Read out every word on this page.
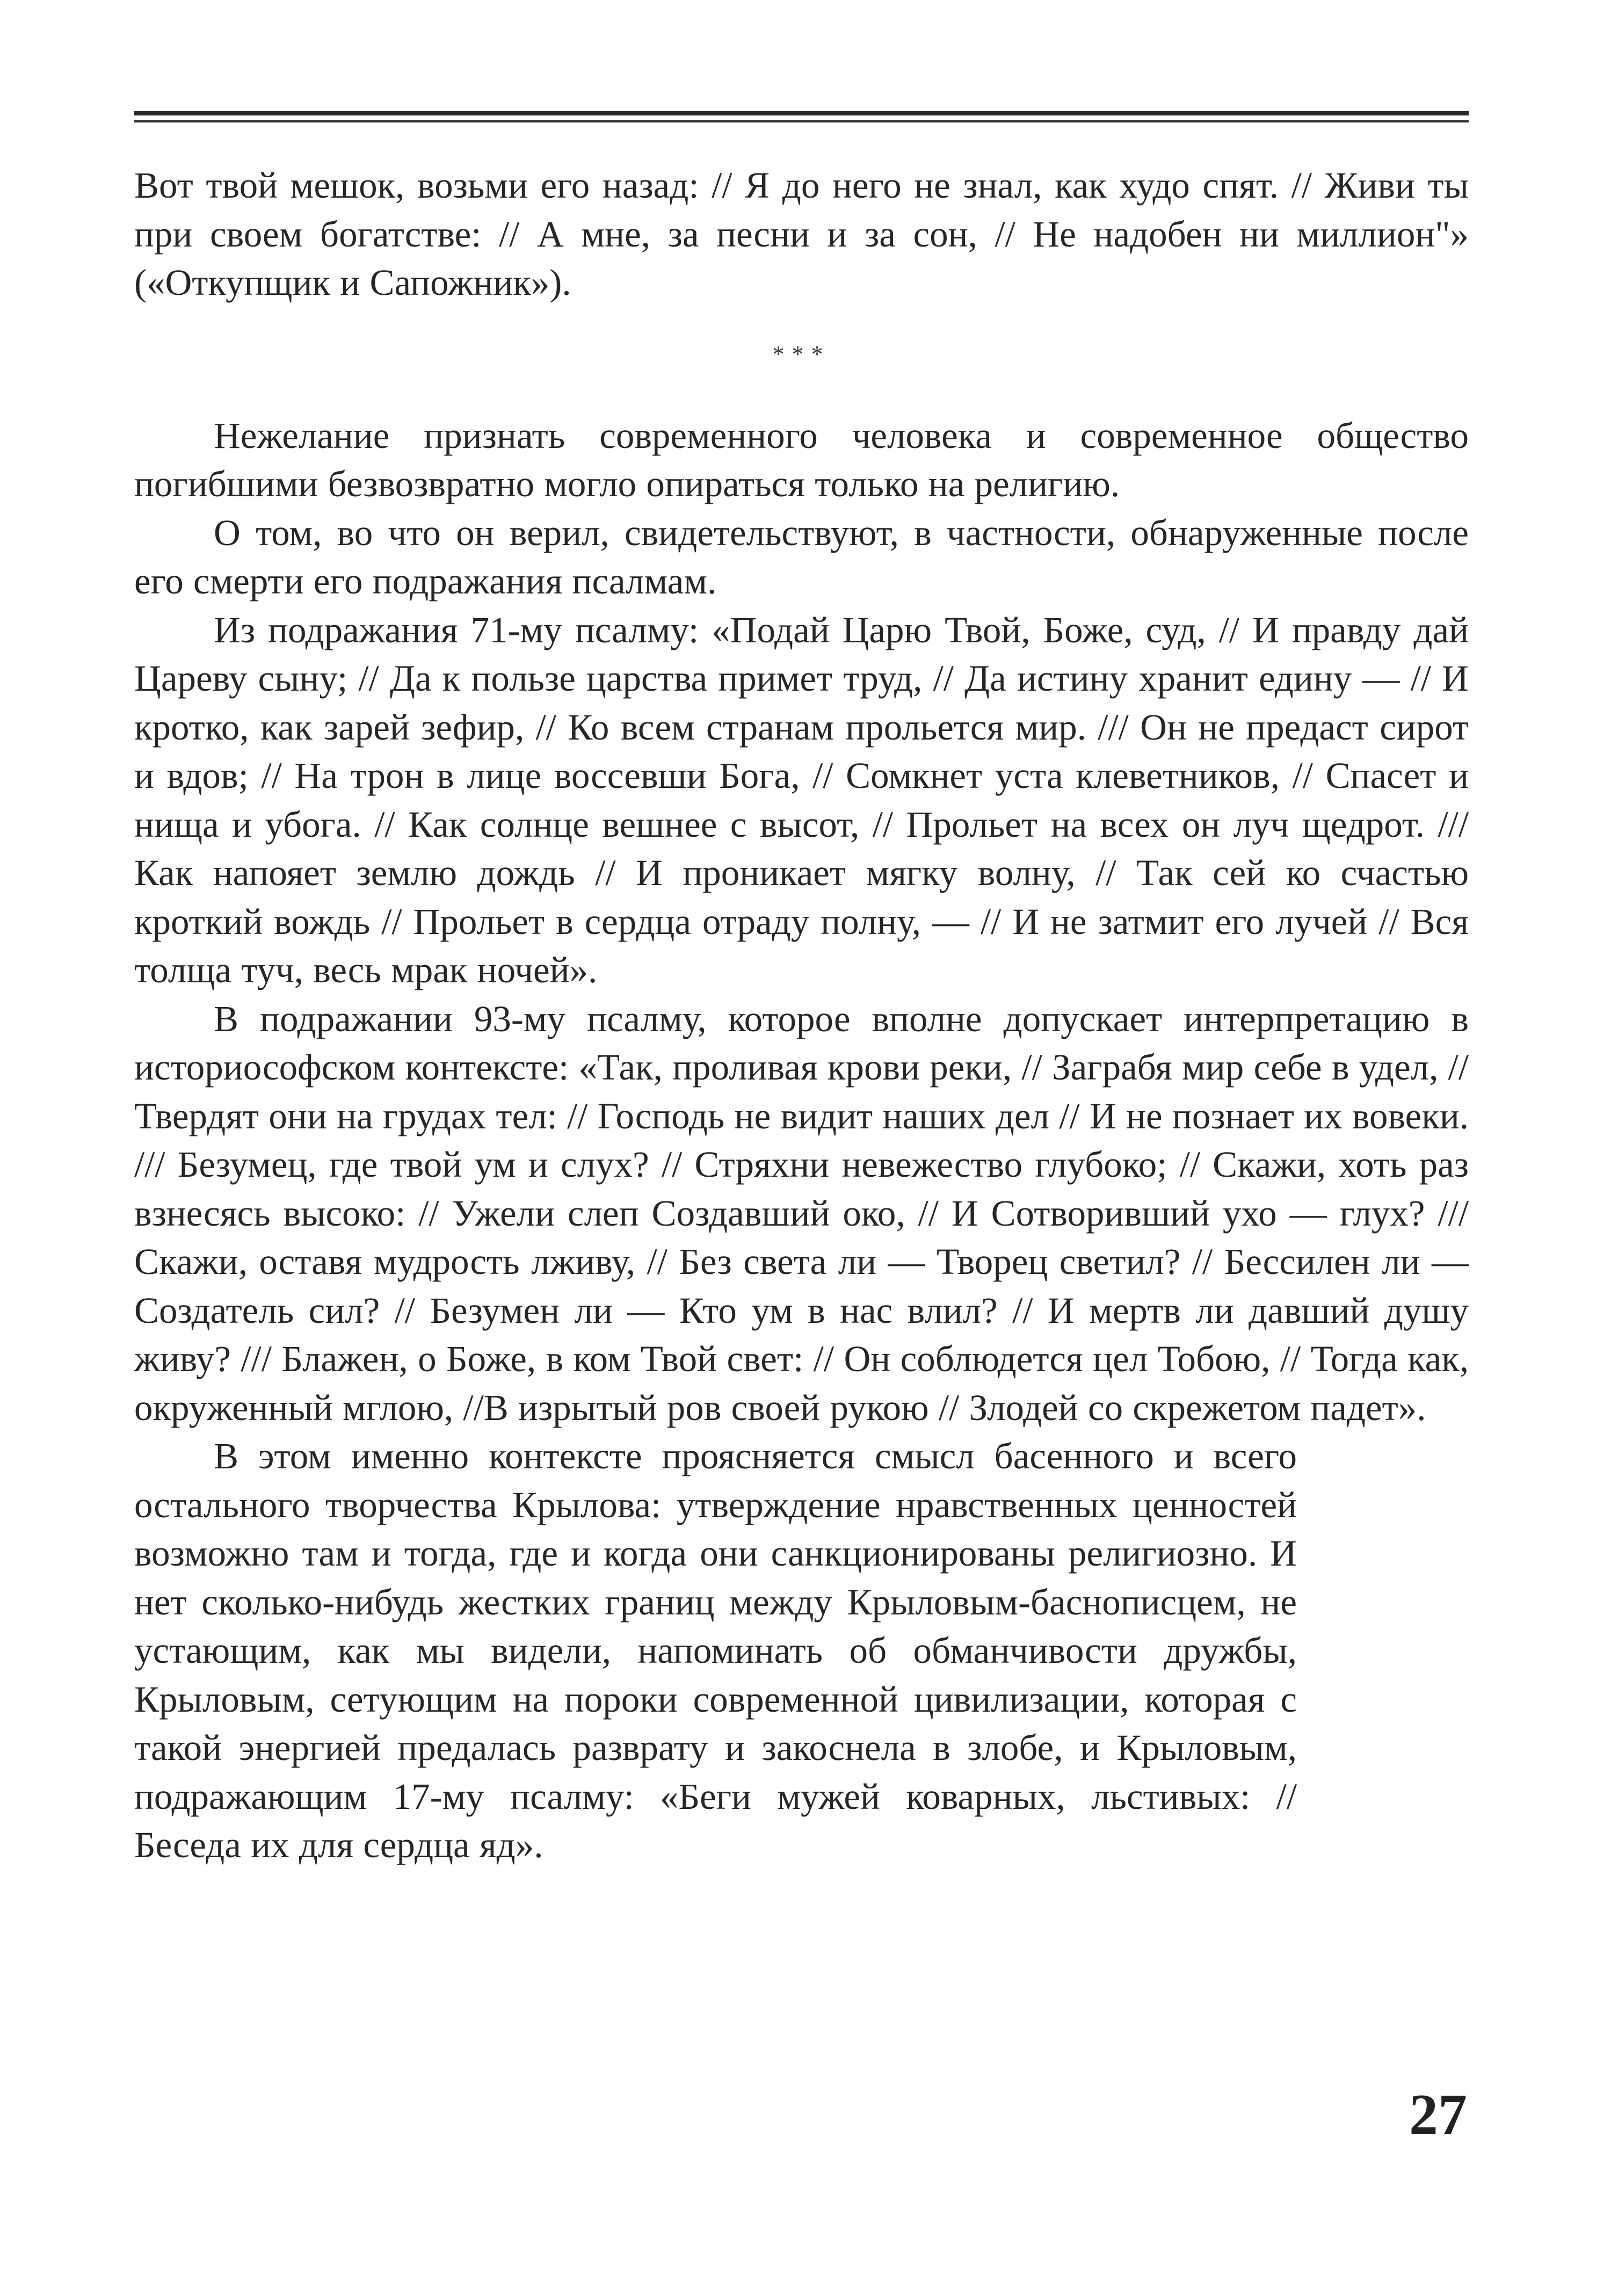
Вот твой мешок, возьми его назад: // Я до него не знал, как худо спят. // Живи ты при своем богатстве: // А мне, за песни и за сон, // Не надобен ни миллион"» («Откупщик и Сапожник»).

***

Нежелание признать современного человека и современное общество погибшими безвозвратно могло опираться только на религию.

О том, во что он верил, свидетельствуют, в частности, обнаруженные после его смерти его подражания псалмам.

Из подражания 71-му псалму: «Подай Царю Твой, Боже, суд, // И правду дай Цареву сыну; // Да к пользе царства примет труд, // Да истину хранит едину — // И кротко, как зарей зефир, // Ко всем странам прольется мир. /// Он не предаст сирот и вдов; // На трон в лице воссевши Бога, // Сомкнет уста клеветников, // Спасет и нища и убога. // Как солнце вешнее с высот, // Прольет на всех он луч щедрот. /// Как напояет землю дождь // И проникает мягку волну, // Так сей ко счастью кроткий вождь // Прольет в сердца отраду полну, — // И не затмит его лучей // Вся толща туч, весь мрак ночей».

В подражании 93-му псалму, которое вполне допускает интерпретацию в историософском контексте: «Так, проливая крови реки, // Заграбя мир себе в удел, // Твердят они на грудах тел: // Господь не видит наших дел // И не познает их вовеки. /// Безумец, где твой ум и слух? // Стряхни невежество глубоко; // Скажи, хоть раз взнесясь высоко: // Ужели слеп Создавший око, // И Сотворивший ухо — глух? /// Скажи, оставя мудрость лживу, // Без света ли — Творец светил? // Бессилен ли — Создатель сил? // Безумен ли — Кто ум в нас влил? // И мертв ли давший душу живу? /// Блажен, о Боже, в ком Твой свет: // Он соблюдется цел Тобою, // Тогда как, окруженный мглою, //В изрытый ров своей рукою // Злодей со скрежетом падет».

В этом именно контексте проясняется смысл басенного и всего остального творчества Крылова: утверждение нравственных ценностей возможно там и тогда, где и когда они санкционированы религиозно. И нет сколько-нибудь жестких границ между Крыловым-баснописцем, не устающим, как мы видели, напоминать об обманчивости дружбы, Крыловым, сетующим на пороки современной цивилизации, которая с такой энергией предалась разврату и закоснела в злобе, и Крыловым, подражающим 17-му псалму: «Беги мужей коварных, льстивых: // Беседа их для сердца яд».

27
